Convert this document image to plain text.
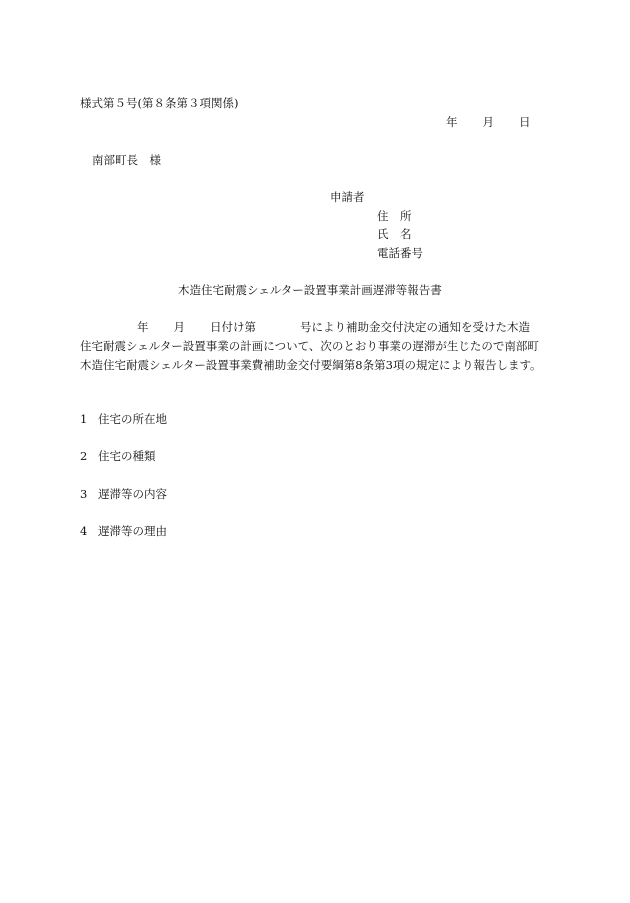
様式第５号(第８条第３項関係)
年 月 日
南部町長　様
申請者
住　所
氏　名
電話番号
木造住宅耐震シェルター設置事業計画遅滞等報告書
年 月 日付け第	号により補助金交付決定の通知を受けた木造
住宅耐震シェルター設置事業の計画について、次のとおり事業の遅滞が生じたので南部町
木造住宅耐震シェルター設置事業費補助金交付要綱第8条第3項の規定により報告します。
1 住宅の所在地
2 住宅の種類
3 遅滞等の内容
4 遅滞等の理由
